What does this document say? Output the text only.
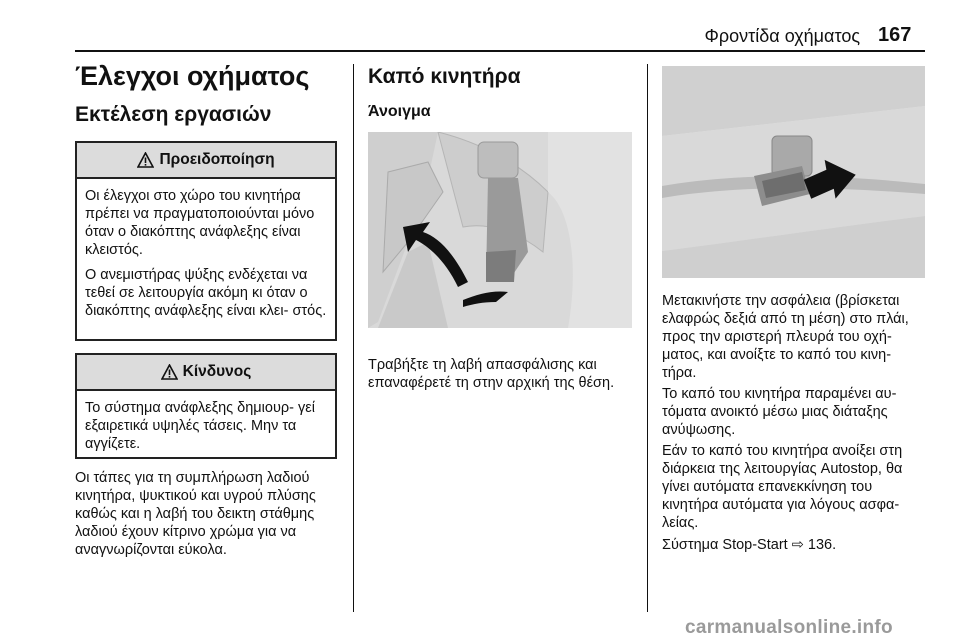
Φροντίδα οχήματος 167
Έλεγχοι οχήματος
Εκτέλεση εργασιών
Προειδοποίηση

Οι έλεγχοι στο χώρο του κινητήρα πρέπει να πραγματοποιούνται μόνο όταν ο διακόπτης ανάφλεξης είναι κλειστός.

Ο ανεμιστήρας ψύξης ενδέχεται να τεθεί σε λειτουργία ακόμη κι όταν ο διακόπτης ανάφλεξης είναι κλει‐ στός.

Κίνδυνος

Το σύστημα ανάφλεξης δημιουρ‐ γεί εξαιρετικά υψηλές τάσεις. Μην τα αγγίζετε.

Οι τάπες για τη συμπλήρωση λαδιού κινητήρα, ψυκτικού και υγρού πλύσης καθώς και η λαβή του δεικτη στάθμης λαδιού έχουν κίτρινο χρώμα για να αναγνωρίζονται εύκολα.

Καπό κινητήρα
Άνοιγμα

Τραβήξτε τη λαβή απασφάλισης και επαναφέρετέ τη στην αρχική της θέση.

Μετακινήστε την ασφάλεια (βρίσκεται ελαφρώς δεξιά από τη μέση) στο πλάι, προς την αριστερή πλευρά του οχή‐ ματος, και ανοίξτε το καπό του κινη‐ τήρα.

Το καπό του κινητήρα παραμένει αυ‐ τόματα ανοικτό μέσω μιας διάταξης ανύψωσης.

Εάν το καπό του κινητήρα ανοίξει στη διάρκεια της λειτουργίας Autostop, θα γίνει αυτόματα επανεκκίνηση του κινητήρα αυτόματα για λόγους ασφα‐ λείας.

Σύστημα Stop-Start ⇨ 136.

carmanualsonline.info
